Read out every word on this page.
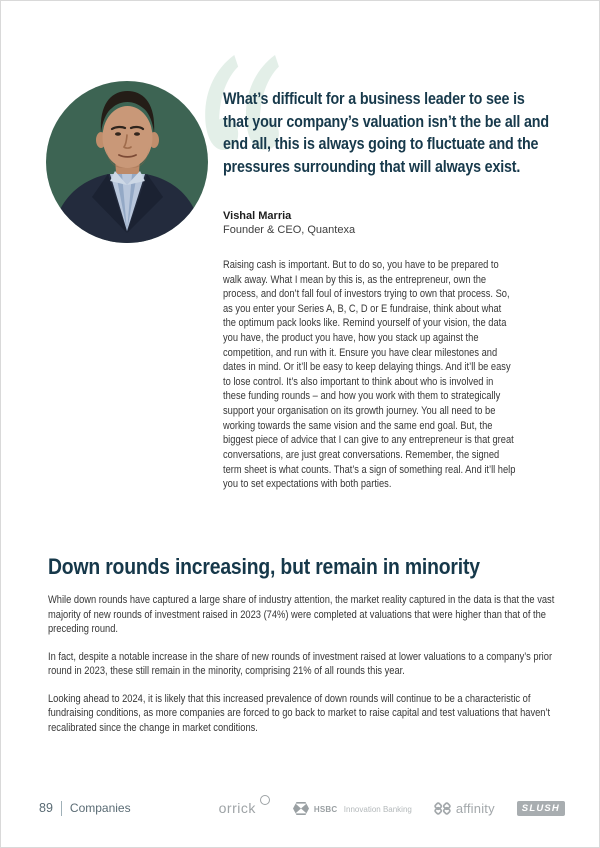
What’s difficult for a business leader to see is that your company’s valuation isn’t the be all and end all, this is always going to fluctuate and the pressures surrounding that will always exist.
Vishal Marria
Founder & CEO, Quantexa
Raising cash is important. But to do so, you have to be prepared to walk away. What I mean by this is, as the entrepreneur, own the process, and don’t fall foul of investors trying to own that process. So, as you enter your Series A, B, C, D or E fundraise, think about what the optimum pack looks like. Remind yourself of your vision, the data you have, the product you have, how you stack up against the competition, and run with it. Ensure you have clear milestones and dates in mind. Or it’ll be easy to keep delaying things. And it’ll be easy to lose control. It’s also important to think about who is involved in these funding rounds – and how you work with them to strategically support your organisation on its growth journey. You all need to be working towards the same vision and the same end goal. But, the biggest piece of advice that I can give to any entrepreneur is that great conversations, are just great conversations. Remember, the signed term sheet is what counts. That’s a sign of something real. And it’ll help you to set expectations with both parties.
Down rounds increasing, but remain in minority

While down rounds have captured a large share of industry attention, the market reality captured in the data is that the vast majority of new rounds of investment raised in 2023 (74%) were completed at valuations that were higher than that of the preceding round.

In fact, despite a notable increase in the share of new rounds of investment raised at lower valuations to a company’s prior round in 2023, these still remain in the minority, comprising 21% of all rounds this year.

Looking ahead to 2024, it is likely that this increased prevalence of down rounds will continue to be a characteristic of fundraising conditions, as more companies are forced to go back to market to raise capital and test valuations that haven’t recalibrated since the change in market conditions.

89 Companies	orrick	HSBC Innovation Banking	affinity	SLUSH
